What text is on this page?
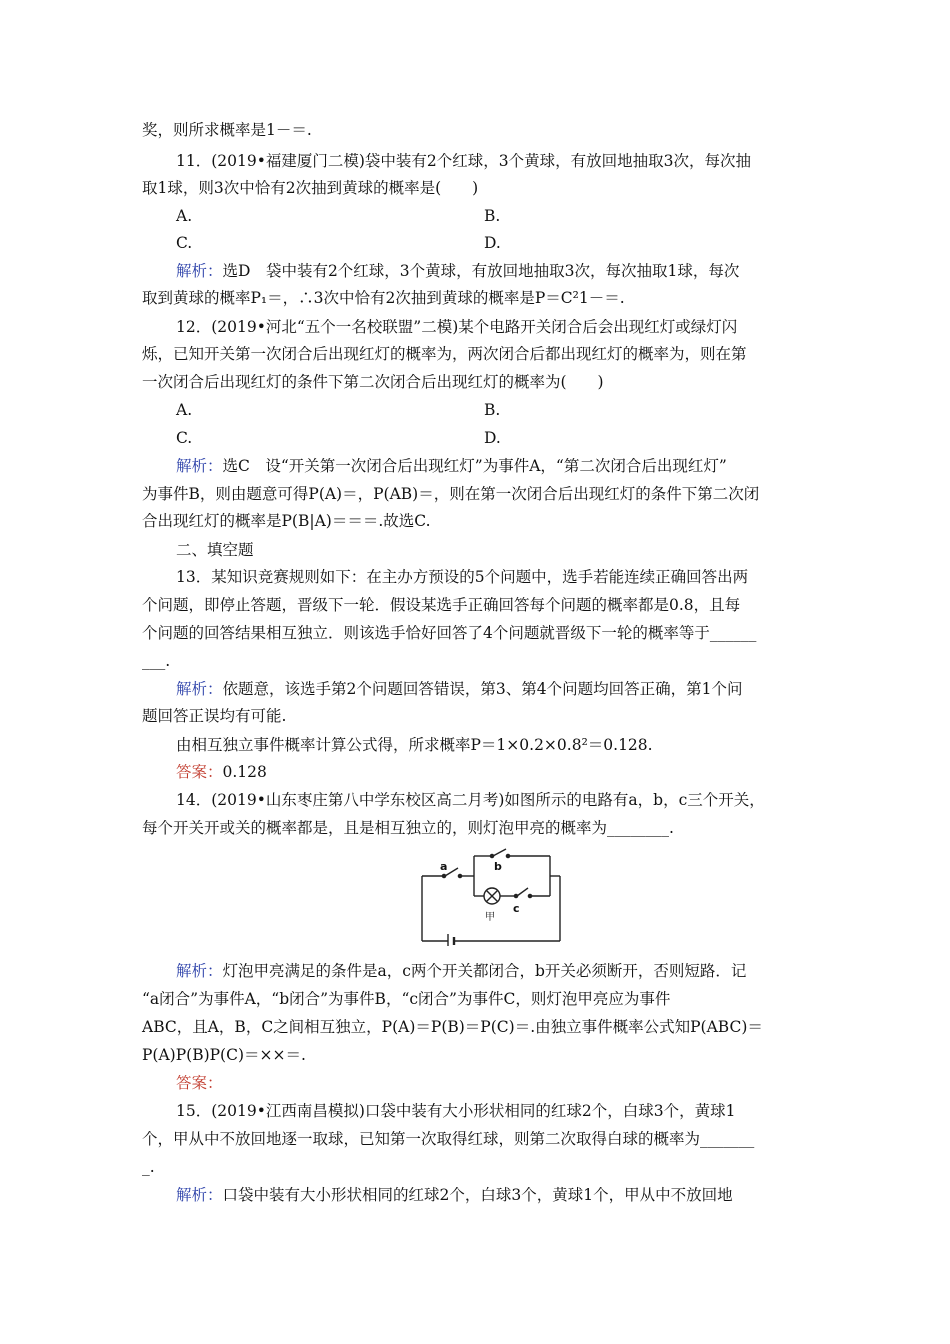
奖，则所求概率是1－＝.
11．(2019•福建厦门二模)袋中装有2个红球，3个黄球，有放回地抽取3次，每次抽
取1球，则3次中恰有2次抽到黄球的概率是(　　)
A.	B.
C.	D.
解析：选D　袋中装有2个红球，3个黄球，有放回地抽取3次，每次抽取1球，每次
取到黄球的概率P₁＝，∴3次中恰有2次抽到黄球的概率是P＝C²1－＝.
12．(2019•河北“五个一名校联盟”二模)某个电路开关闭合后会出现红灯或绿灯闪
烁，已知开关第一次闭合后出现红灯的概率为，两次闭合后都出现红灯的概率为，则在第
一次闭合后出现红灯的条件下第二次闭合后出现红灯的概率为(　　)
A.	B.
C.	D.
解析：选C　设“开关第一次闭合后出现红灯”为事件A，“第二次闭合后出现红灯”
为事件B，则由题意可得P(A)＝，P(AB)＝，则在第一次闭合后出现红灯的条件下第二次闭
合出现红灯的概率是P(B|A)＝＝＝.故选C.
二、填空题
13．某知识竞赛规则如下：在主办方预设的5个问题中，选手若能连续正确回答出两
个问题，即停止答题，晋级下一轮．假设某选手正确回答每个问题的概率都是0.8，且每
个问题的回答结果相互独立．则该选手恰好回答了4个问题就晋级下一轮的概率等于______
___.
解析：依题意，该选手第2个问题回答错误，第3、第4个问题均回答正确，第1个问
题回答正误均有可能.
由相互独立事件概率计算公式得，所求概率P＝1×0.2×0.8²＝0.128.
答案：0.128
14．(2019•山东枣庄第八中学东校区高二月考)如图所示的电路有a，b，c三个开关，
每个开关开或关的概率都是，且是相互独立的，则灯泡甲亮的概率为________.
a	b
c
甲
解析：灯泡甲亮满足的条件是a，c两个开关都闭合，b开关必须断开，否则短路．记
“a闭合”为事件A，“b闭合”为事件B，“c闭合”为事件C，则灯泡甲亮应为事件
ABC，且A，B，C之间相互独立，P(A)＝P(B)＝P(C)＝.由独立事件概率公式知P(ABC)＝
P(A)P(B)P(C)＝××＝.
答案：
15．(2019•江西南昌模拟)口袋中装有大小形状相同的红球2个，白球3个，黄球1
个，甲从中不放回地逐一取球，已知第一次取得红球，则第二次取得白球的概率为_______
_.
解析：口袋中装有大小形状相同的红球2个，白球3个，黄球1个，甲从中不放回地
